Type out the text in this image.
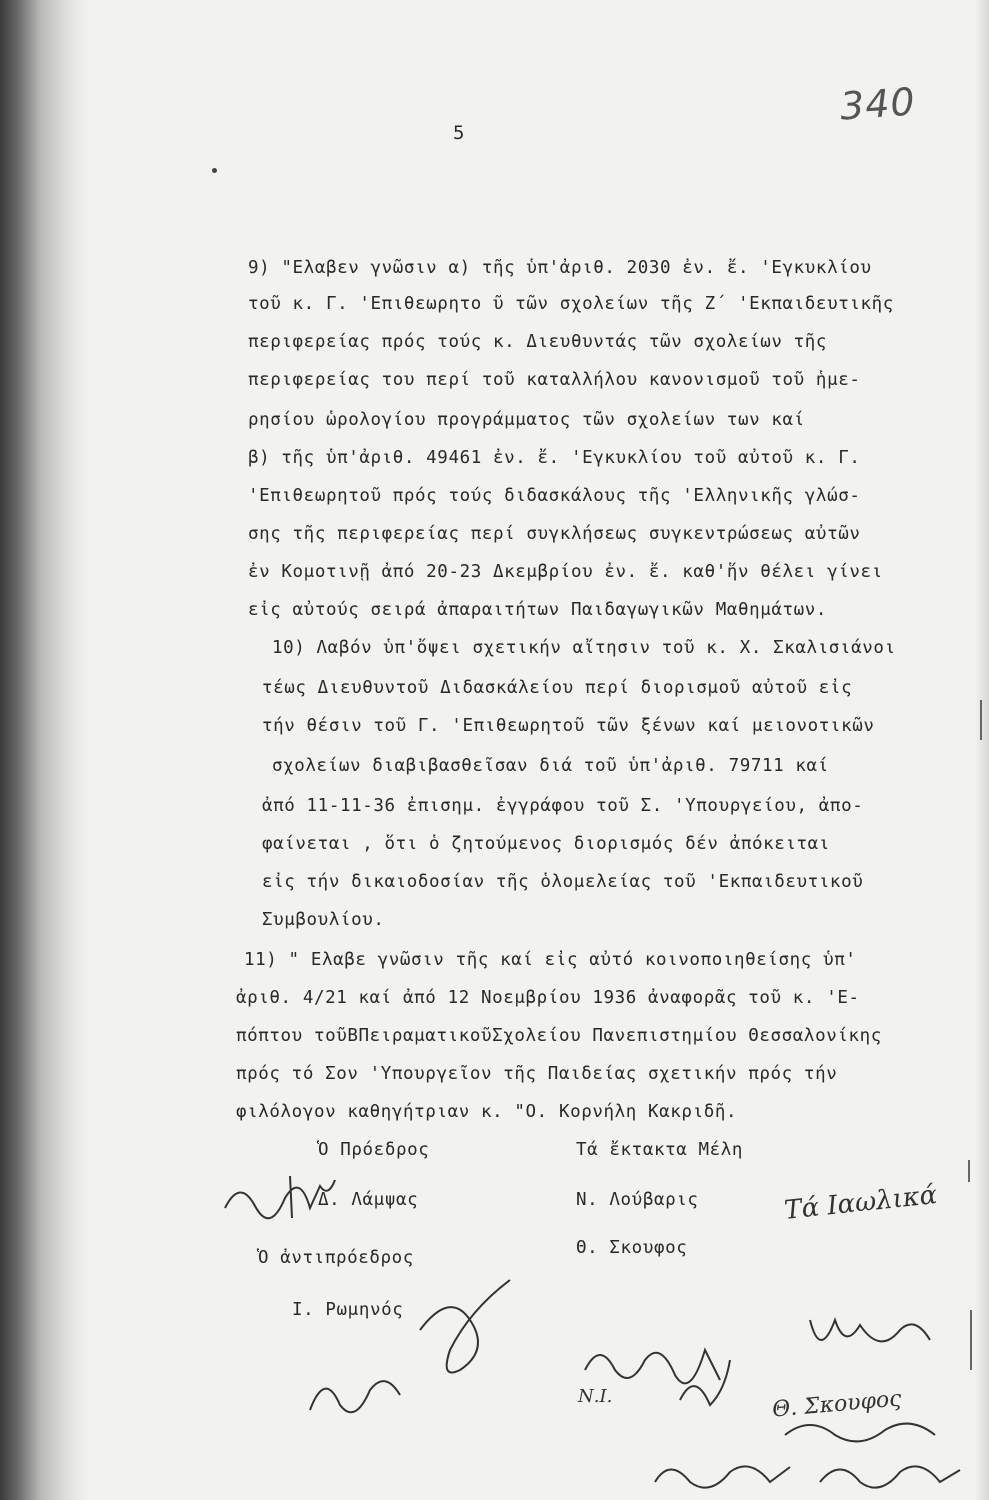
340
5
9) "Ελαβεν γνῶσιν α) τῆς ὑπ'ἀριθ. 2030 ἐν. ἔ. 'Εγκυκλίου
τοῦ κ. Γ. 'Επιθεωρητο ῦ τῶν σχολείων τῆς Ζ΄ 'Εκπαιδευτικῆς
περιφερείας πρός τούς κ. Διευθυντάς τῶν σχολείων τῆς
περιφερείας του περί τοῦ καταλλήλου κανονισμοῦ τοῦ ἡμε-
ρησίου ὡρολογίου προγράμματος τῶν σχολείων των καί
β) τῆς ὑπ'ἀριθ. 49461 ἐν. ἔ. 'Εγκυκλίου τοῦ αὐτοῦ κ. Γ.
'Επιθεωρητοῦ πρός τούς διδασκάλους τῆς 'Ελληνικῆς γλώσ-
σης τῆς περιφερείας περί συγκλήσεως συγκεντρώσεως αὐτῶν
ἐν Κομοτινῇ ἀπό 20-23 Δκεμβρίου ἐν. ἔ. καθ'ἥν θέλει γίνει
εἰς αὐτούς σειρά ἀπαραιτήτων Παιδαγωγικῶν Μαθημάτων.
10) Λαβόν ὑπ'ὄψει σχετικήν αἴτησιν τοῦ κ. Χ. Σκαλισιάνοι
τέως Διευθυντοῦ Διδασκάλείου περί διορισμοῦ αὐτοῦ εἰς
τήν θέσιν τοῦ Γ. 'Επιθεωρητοῦ τῶν ξένων καί μειονοτικῶν
σχολείων διαβιβασθεῖσαν διά τοῦ ὑπ'ἀριθ. 79711 καί
ἀπό 11-11-36 ἐπισημ. ἐγγράφου τοῦ Σ. 'Υπουργείου, ἀπο-
φαίνεται , ὅτι ὁ ζητούμενος διορισμός δέν ἀπόκειται
εἰς τήν δικαιοδοσίαν τῆς ὁλομελείας τοῦ 'Εκπαιδευτικοῦ
Συμβουλίου.
11) " Ελαβε γνῶσιν τῆς καί εἰς αὐτό κοινοποιηθείσης ὑπ'
ἀριθ. 4/21 καί ἀπό 12 Νοεμβρίου 1936 ἀναφορᾶς τοῦ κ. 'Ε-
πόπτου τοῦΒΠειραματικοῦΣχολείου Πανεπιστημίου Θεσσαλονίκης
πρός τό Σον 'Υπουργεῖον τῆς Παιδείας σχετικήν πρός τήν
φιλόλογον καθηγήτριαν κ. "Ο. Κορνήλη Κακριδῆ.
Ὁ Πρόεδρος
Δ. Λάμψας
Ὁ ἀντιπρόεδρος
Ι. Ρωμηνός
Τά ἔκτακτα Μέλη
Ν. Λούβαρις
Θ. Σκουφος
Τά Ιαωλικά
Ν.Ι.	Θ. Σκουφος
